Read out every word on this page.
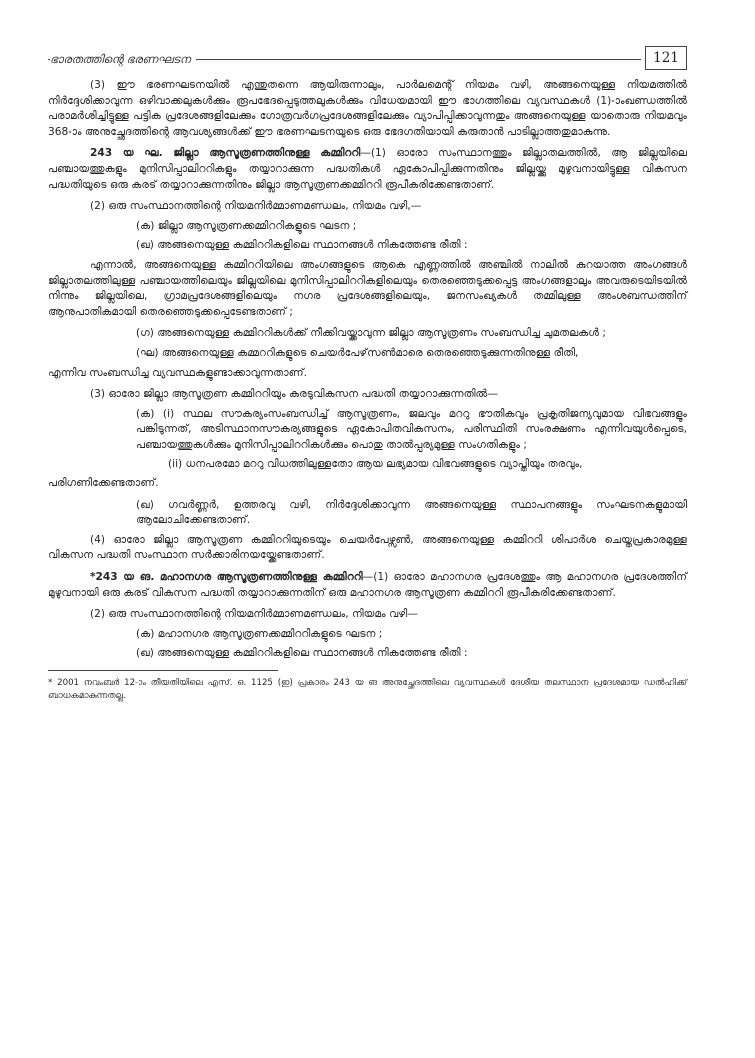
ഭാരതത്തിന്റെ ഭരണഘടന	121

(3) ഈ ഭരണഘടനയിൽ എന്തുതന്നെ ആയിരുന്നാലും, പാർലമെന്റ് നിയമം വഴി, അങ്ങനെയുള്ള നിയമത്തിൽ നിർദ്ദേശിക്കാവുന്ന ഒഴിവാക്കലുകൾക്കും രൂപഭേദപ്പെടുത്തലുകൾക്കും വിധേയമായി ഈ ഭാഗത്തിലെ വ്യവസ്ഥകൾ (1)-ാംഖണ്ഡത്തിൽ പരാമർശിച്ചിട്ടുള്ള പട്ടിക പ്രദേശങ്ങളിലേക്കും ഗോത്രവർഗപ്രദേശങ്ങളിലേക്കും വ്യാപിപ്പിക്കാവുന്നതും അങ്ങനെയുള്ള യാതൊരു നിയമവും 368-ാം അനുച്ഛേദത്തിന്റെ ആവശ്യങ്ങൾക്ക് ഈ ഭരണഘടനയുടെ ഒരു ഭേദഗതിയായി കരുതാൻ പാടില്ലാത്തതുമാകുന്നു.

243 യ ഘ. ജില്ലാ ആസൂത്രണത്തിനുള്ള കമ്മിററി—(1) ഓരോ സംസ്ഥാനത്തും ജില്ലാതലത്തിൽ, ആ ജില്ലയിലെ പഞ്ചായത്തുകളും മുനിസിപ്പാലിററികളും തയ്യാറാക്കുന്ന പദ്ധതികൾ ഏകോപിപ്പിക്കുന്നതിനും ജില്ലയ്ക്കു മുഴുവനായിട്ടുള്ള വികസന പദ്ധതിയുടെ ഒരു കരട് തയ്യാറാക്കുന്നതിനും ജില്ലാ ആസൂത്രണക്കമ്മിററി രൂപീകരിക്കേണ്ടതാണ്.

(2) ഒരു സംസ്ഥാനത്തിന്റെ നിയമനിർമ്മാണമണ്ഡലം, നിയമം വഴി,—

(ക) ജില്ലാ ആസൂത്രണക്കമ്മിററികളുടെ ഘടന ;

(ഖ) അങ്ങനെയുള്ള കമ്മിററികളിലെ സ്ഥാനങ്ങൾ നികത്തേണ്ട രീതി :

എന്നാൽ, അങ്ങനെയുള്ള കമ്മിററിയിലെ അംഗങ്ങളുടെ ആകെ എണ്ണത്തിൽ അഞ്ചിൽ നാലിൽ കുറയാത്ത അംഗങ്ങൾ ജില്ലാതലത്തിലുള്ള പഞ്ചായത്തിലെയും ജില്ലയിലെ മുനിസിപ്പാലിററികളിലെയും തെരഞ്ഞെടുക്കപ്പെട്ട അംഗങ്ങളാലും അവരുടെയിടയിൽ നിന്നും ജില്ലയിലെ, ഗ്രാമപ്രദേശങ്ങളിലെയും നഗര പ്രദേശങ്ങളിലെയും, ജനസംഖ്യകൾ തമ്മിലുള്ള അംശബന്ധത്തിന് ആനുപാതികമായി തെരഞ്ഞെടുക്കപ്പെടേണ്ടതാണ് ;

(ഗ) അങ്ങനെയുള്ള കമ്മിററികൾക്ക് നീക്കിവയ്ക്കാവുന്ന ജില്ലാ ആസൂത്രണം സംബന്ധിച്ച ചുമതലകൾ ;

(ഘ) അങ്ങനെയുള്ള കമ്മററികളുടെ ചെയർപേഴ്‌സൺമാരെ തെരഞ്ഞെടുക്കുന്നതിനുള്ള രീതി,

എന്നിവ സംബന്ധിച്ച വ്യവസ്ഥകളുണ്ടാക്കാവുന്നതാണ്.

(3) ഓരോ ജില്ലാ ആസൂത്രണ കമ്മിററിയും കരടുവികസന പദ്ധതി തയ്യാറാക്കുന്നതിൽ—

(ക) (i) സ്ഥല സൗകര്യംസംബന്ധിച്ച് ആസൂത്രണം, ജലവും മററു ഭൗതികവും പ്രകൃതിജന്യവുമായ വിഭവങ്ങളും പങ്കിടുന്നത്, അടിസ്ഥാനസൗകര്യങ്ങളുടെ ഏകോപിതവികസനം, പരിസ്ഥിതി സംരക്ഷണം എന്നിവയുൾപ്പെടെ, പഞ്ചായത്തുകൾക്കും മുനിസിപ്പാലിററികൾക്കും പൊതു താൽപ്പര്യമുള്ള സംഗതികളും ;

(ii) ധനപരമോ മററു വിധത്തിലുള്ളതോ ആയ ലഭ്യമായ വിഭവങ്ങളുടെ വ്യാപ്തിയും തരവും,

പരിഗണിക്കേണ്ടതാണ്.

(ഖ) ഗവർണ്ണർ, ഉത്തരവു വഴി, നിർദ്ദേശിക്കാവുന്ന അങ്ങനെയുള്ള സ്ഥാപനങ്ങളും സംഘടനകളുമായി ആലോചിക്കേണ്ടതാണ്.

(4) ഓരോ ജില്ലാ ആസൂത്രണ കമ്മിററിയുടെയും ചെയർപേഴ്സൺ, അങ്ങനെയുള്ള കമ്മിററി ശിപാർശ ചെയ്തപ്രകാരമുള്ള വികസന പദ്ധതി സംസ്ഥാന സർക്കാരിനയയ്ക്കേണ്ടതാണ്.

*243 യ ങ. മഹാനഗര ആസൂത്രണത്തിനുള്ള കമ്മിററി—(1) ഓരോ മഹാനഗര പ്രദേശത്തും ആ മഹാനഗര പ്രദേശത്തിന് മുഴുവനായി ഒരു കരട് വികസന പദ്ധതി തയ്യാറാക്കുന്നതിന് ഒരു മഹാനഗര ആസൂത്രണ കമ്മിററി രൂപീകരിക്കേണ്ടതാണ്.

(2) ഒരു സംസ്ഥാനത്തിന്റെ നിയമനിർമ്മാണമണ്ഡലം, നിയമം വഴി—

(ക) മഹാനഗര ആസൂത്രണക്കമ്മിററികളുടെ ഘടന ;

(ഖ) അങ്ങനെയുള്ള കമ്മിററികളിലെ സ്ഥാനങ്ങൾ നികത്തേണ്ട രീതി :

* 2001 നവംബർ 12-ാം തീയതിയിലെ എസ്. ഒ. 1125 (ഇ) പ്രകാരം 243 യ ങ അനുച്ഛേദത്തിലെ വ്യവസ്ഥകൾ ദേശീയ തലസ്ഥാന പ്രദേശമായ ഡൽഹിക്ക് ബാധകമാകുന്നതല്ല.
